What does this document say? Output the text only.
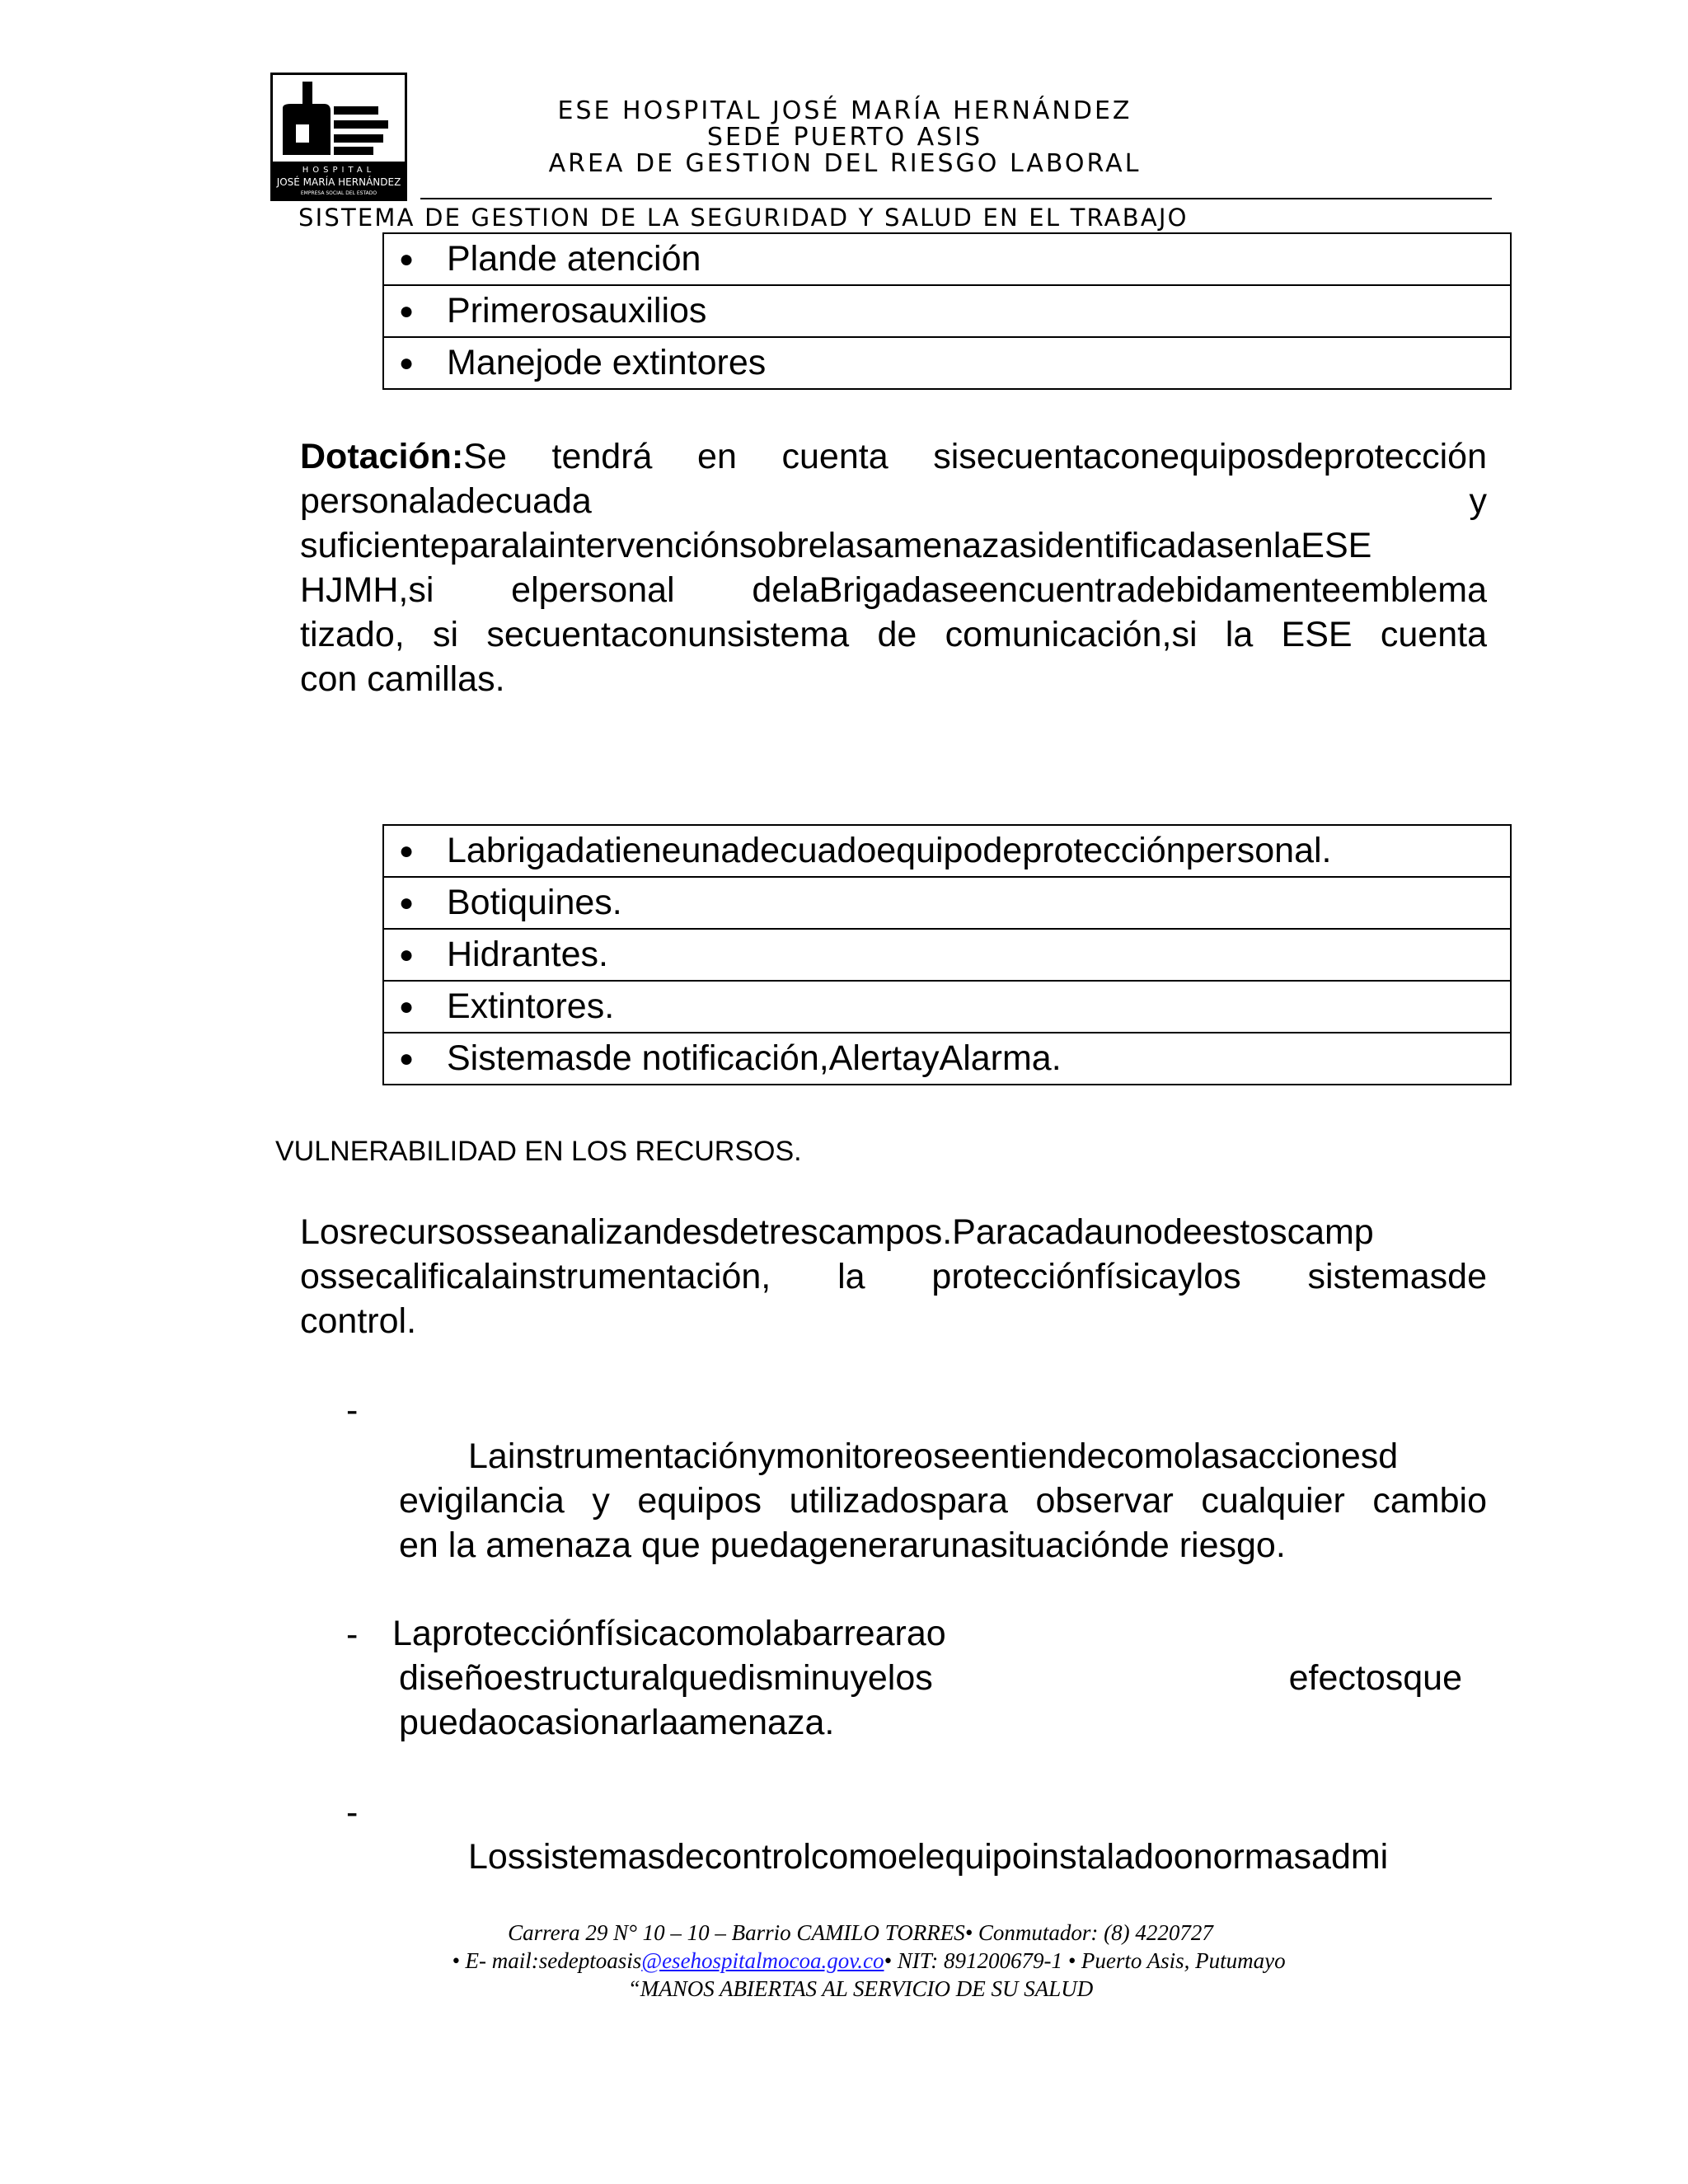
HOSPITAL
JOSÉ MARÍA HERNÁNDEZ
EMPRESA SOCIAL DEL ESTADO
ESE HOSPITAL JOSÉ MARÍA HERNÁNDEZ
SEDE PUERTO ASIS
AREA DE GESTION DEL RIESGO LABORAL
SISTEMA DE GESTION DE LA SEGURIDAD Y SALUD EN EL TRABAJO
● Plande atención
● Primerosauxilios
● Manejode extintores
Dotación:Se tendrá en cuenta sisecuentaconequiposdeprotección
personaladecuada y
suficienteparalaintervenciónsobrelasamenazasidentificadasenlaESE
HJMH,si elpersonal delaBrigadaseencuentradebidamenteemblema
tizado, si secuentaconunsistema de comunicación,si la ESE cuenta
con camillas.
● Labrigadatieneunadecuadoequipodeprotecciónpersonal.
● Botiquines.
● Hidrantes.
● Extintores.
● Sistemasde notificación,AlertayAlarma.
VULNERABILIDAD EN LOS RECURSOS.
Losrecursosseanalizandesdetrescampos.Paracadaunodeestoscamp
ossecalificalainstrumentación, la protecciónfísicaylos sistemasde
control.
-
Lainstrumentaciónymonitoreoseentiendecomolasaccionesd
evigilancia y equipos utilizadospara observar cualquier cambio
en la amenaza que puedagenerarunasituaciónde riesgo.
- Laprotecciónfísicacomolabarrearao
diseñoestructuralquedisminuyelos efectosque
puedaocasionarlaamenaza.
-
Lossistemasdecontrolcomoelequipoinstaladoonormasadmi
Carrera 29 N° 10 – 10 – Barrio CAMILO TORRES• Conmutador: (8) 4220727
• E- mail:sedeptoasis@esehospitalmocoa.gov.co• NIT: 891200679-1 • Puerto Asis, Putumayo
“MANOS ABIERTAS AL SERVICIO DE SU SALUD
